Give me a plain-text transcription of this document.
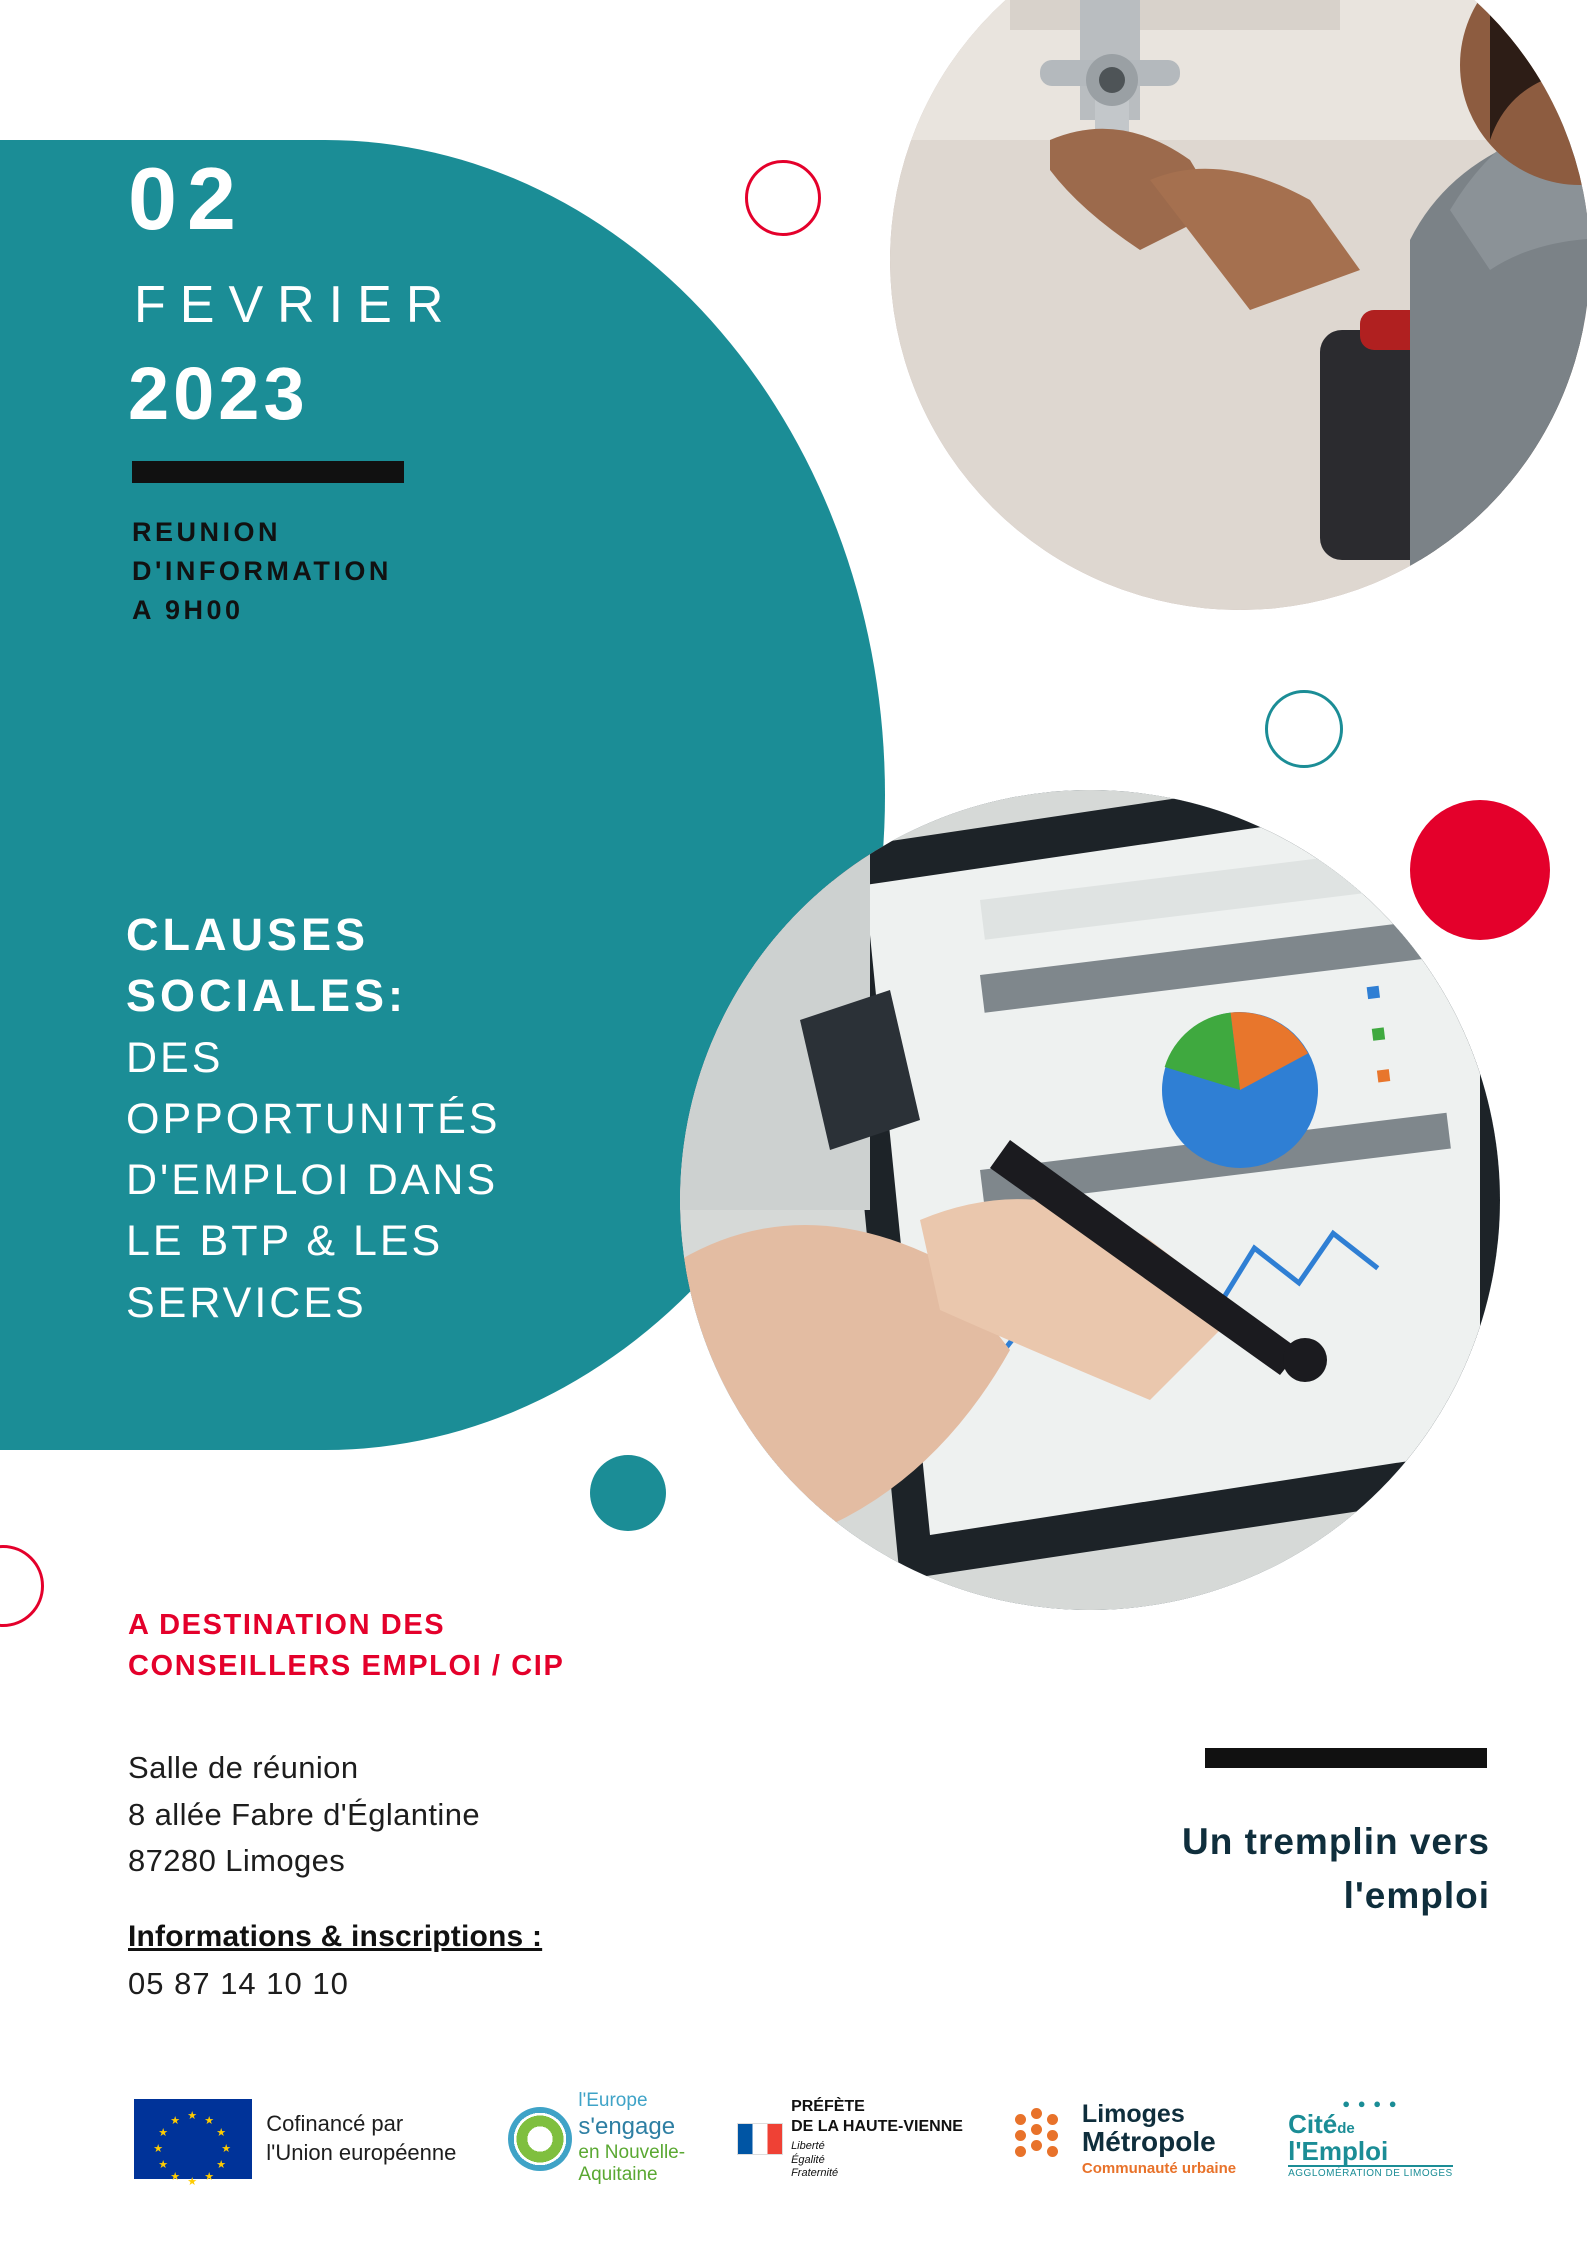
02
FEVRIER
2023
REUNION
D'INFORMATION
A 9H00
CLAUSES
SOCIALES:
DES
OPPORTUNITÉS
D'EMPLOI DANS
LE BTP & LES
SERVICES
A DESTINATION DES
CONSEILLERS EMPLOI / CIP
Salle de réunion
8 allée Fabre d'Églantine
87280 Limoges
Informations & inscriptions :
05 87 14 10 10
Un tremplin vers
l'emploi
★ ★
★
★
★
★
★
★
★
★
★
★	Cofinancé par
l'Union européenne
l'Europe
s'engage
en Nouvelle-
Aquitaine
PRÉFÈTE
DE LA HAUTE-VIENNE
Liberté
Égalité
Fraternité
Limoges
Métropole
Communauté urbaine
● ● ● ●
Citéde
l'Emploi
AGGLOMÉRATION DE LIMOGES
